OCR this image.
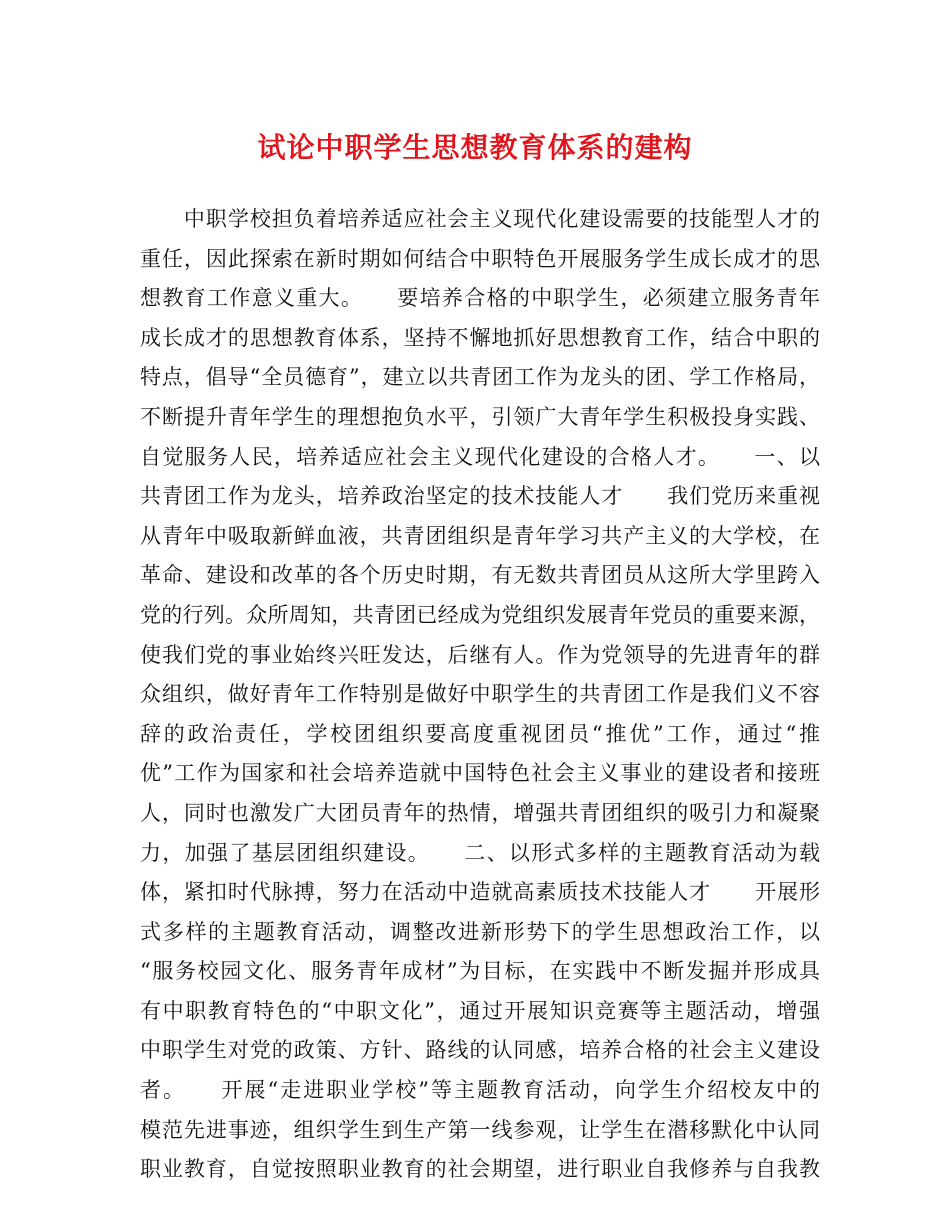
试论中职学生思想教育体系的建构
　　中职学校担负着培养适应社会主义现代化建设需要的技能型人才的
重任，因此探索在新时期如何结合中职特色开展服务学生成长成才的思
想教育工作意义重大。　　要培养合格的中职学生，必须建立服务青年
成长成才的思想教育体系，坚持不懈地抓好思想教育工作，结合中职的
特点，倡导“全员德育”，建立以共青团工作为龙头的团、学工作格局，
不断提升青年学生的理想抱负水平，引领广大青年学生积极投身实践、
自觉服务人民，培养适应社会主义现代化建设的合格人才。　　一、以
共青团工作为龙头，培养政治坚定的技术技能人才　　我们党历来重视
从青年中吸取新鲜血液，共青团组织是青年学习共产主义的大学校，在
革命、建设和改革的各个历史时期，有无数共青团员从这所大学里跨入
党的行列。众所周知，共青团已经成为党组织发展青年党员的重要来源，
使我们党的事业始终兴旺发达，后继有人。作为党领导的先进青年的群
众组织，做好青年工作特别是做好中职学生的共青团工作是我们义不容
辞的政治责任，学校团组织要高度重视团员“推优”工作，通过“推
优”工作为国家和社会培养造就中国特色社会主义事业的建设者和接班
人，同时也激发广大团员青年的热情，增强共青团组织的吸引力和凝聚
力，加强了基层团组织建设。　　二、以形式多样的主题教育活动为载
体，紧扣时代脉搏，努力在活动中造就高素质技术技能人才　　开展形
式多样的主题教育活动，调整改进新形势下的学生思想政治工作，以
“服务校园文化、服务青年成材”为目标，在实践中不断发掘并形成具
有中职教育特色的“中职文化”，通过开展知识竞赛等主题活动，增强
中职学生对党的政策、方针、路线的认同感，培养合格的社会主义建设
者。　　开展“走进职业学校”等主题教育活动，向学生介绍校友中的
模范先进事迹，组织学生到生产第一线参观，让学生在潜移默化中认同
职业教育，自觉按照职业教育的社会期望，进行职业自我修养与自我教
